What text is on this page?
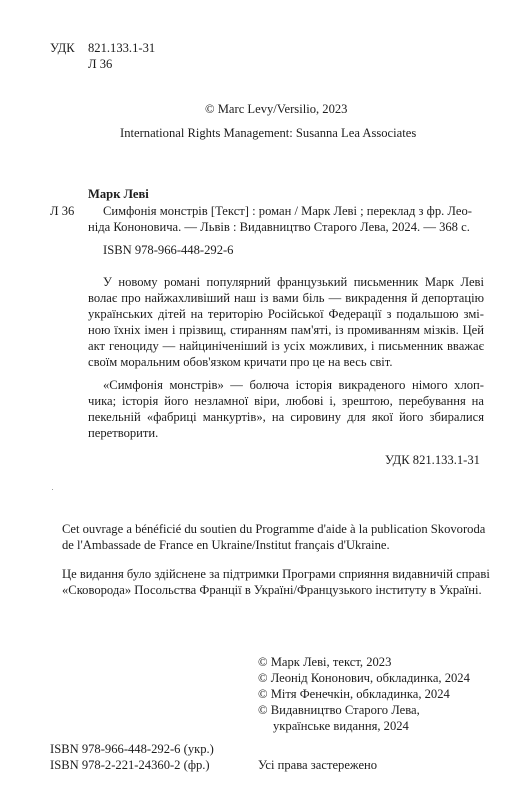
УДК 821.133.1-31
Л 36
© Marc Levy/Versilio, 2023
International Rights Management: Susanna Lea Associates
Марк Леві
Л 36 Симфонія монстрів [Текст] : роман / Марк Леві ; переклад з фр. Лео-
ніда Кононовича. — Львів : Видавництво Старого Лева, 2024. — 368 с.
ISBN 978-966-448-292-6
У новому романі популярний французький письменник Марк Леві
волає про найжахливіший наш із вами біль — викрадення й депортацію
українських дітей на територію Російської Федерації з подальшою змі-
ною їхніх імен і прізвищ, стиранням пам'яті, із промиванням мізків. Цей
акт геноциду — найциніченіший із усіх можливих, і письменник вважає
своїм моральним обов'язком кричати про це на весь світ.
«Симфонія монстрів» — болюча історія викраденого німого хлоп-
чика; історія його незламної віри, любові і, зрештою, перебування на
пекельній «фабриці манкуртів», на сировину для якої його збиралися
перетворити.
УДК 821.133.1-31
Cet ouvrage a bénéficié du soutien du Programme d'aide à la publication Skovoroda
de l'Ambassade de France en Ukraine/Institut français d'Ukraine.
Це видання було здійснене за підтримки Програми сприяння видавничій справі
«Сковорода» Посольства Франції в Україні/Французького інституту в Україні.
© Марк Леві, текст, 2023
© Леонід Кононович, обкладинка, 2024
© Мітя Фенечкін, обкладинка, 2024
© Видавництво Старого Лева,
українське видання, 2024
ISBN 978-966-448-292-6 (укр.)
ISBN 978-2-221-24360-2 (фр.)	Усі права застережено
